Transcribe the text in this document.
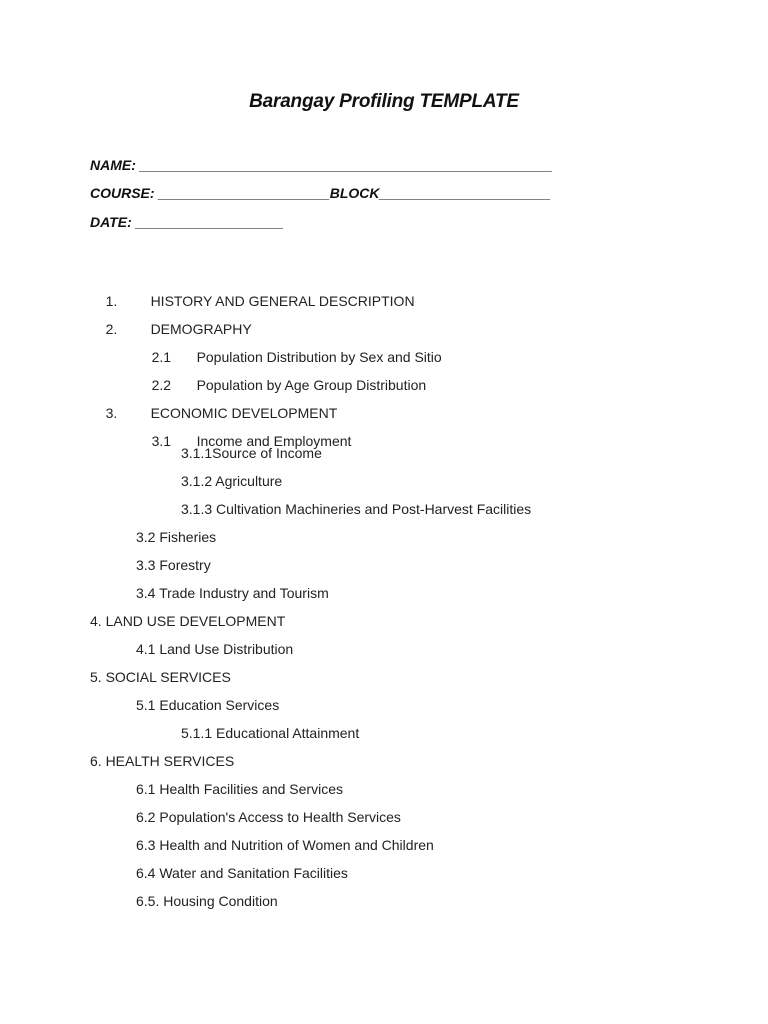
Barangay Profiling TEMPLATE
NAME: _____________________________________________________
COURSE: ______________________BLOCK______________________
DATE: ___________________

1. HISTORY AND GENERAL DESCRIPTION

2. DEMOGRAPHY

2.1 Population Distribution by Sex and Sitio

2.2 Population by Age Group Distribution

3. ECONOMIC DEVELOPMENT

3.1 Income and Employment

3.1.1Source of Income
3.1.2 Agriculture
3.1.3 Cultivation Machineries and Post-Harvest Facilities
3.2 Fisheries
3.3 Forestry
3.4 Trade Industry and Tourism
4. LAND USE DEVELOPMENT
4.1 Land Use Distribution
5. SOCIAL SERVICES
5.1 Education Services
5.1.1 Educational Attainment
6. HEALTH SERVICES
6.1 Health Facilities and Services
6.2 Population's Access to Health Services
6.3 Health and Nutrition of Women and Children
6.4 Water and Sanitation Facilities
6.5. Housing Condition
